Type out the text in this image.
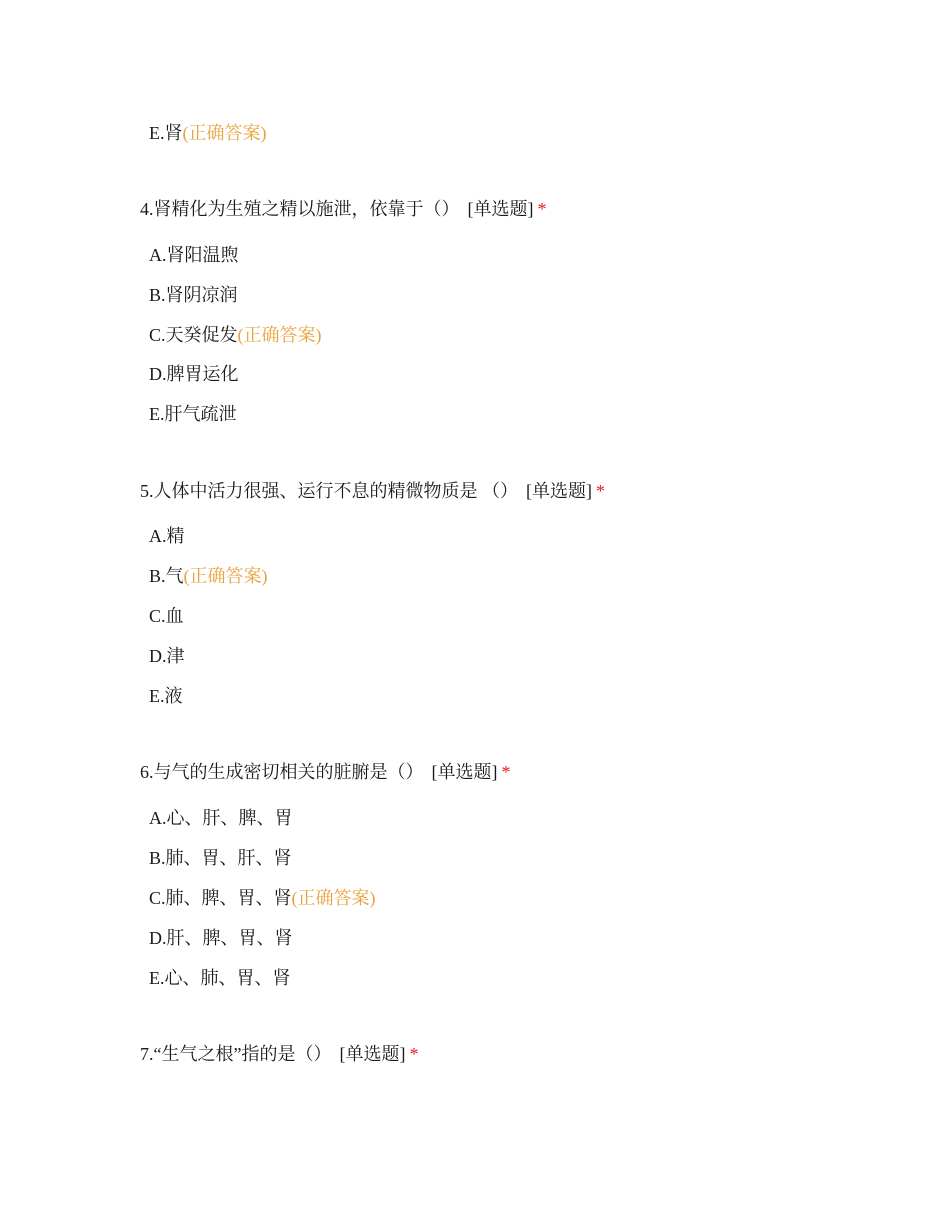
E.肾(正确答案)
4.肾精化为生殖之精以施泄，依靠于（） [单选题] *
A.肾阳温煦
B.肾阴凉润
C.天癸促发(正确答案)
D.脾胃运化
E.肝气疏泄
5.人体中活力很强、运行不息的精微物质是 （） [单选题] *
A.精
B.气(正确答案)
C.血
D.津
E.液
6.与气的生成密切相关的脏腑是（） [单选题] *
A.心、肝、脾、胃
B.肺、胃、肝、肾
C.肺、脾、胃、肾(正确答案)
D.肝、脾、胃、肾
E.心、肺、胃、肾
7.“生气之根”指的是（） [单选题] *
